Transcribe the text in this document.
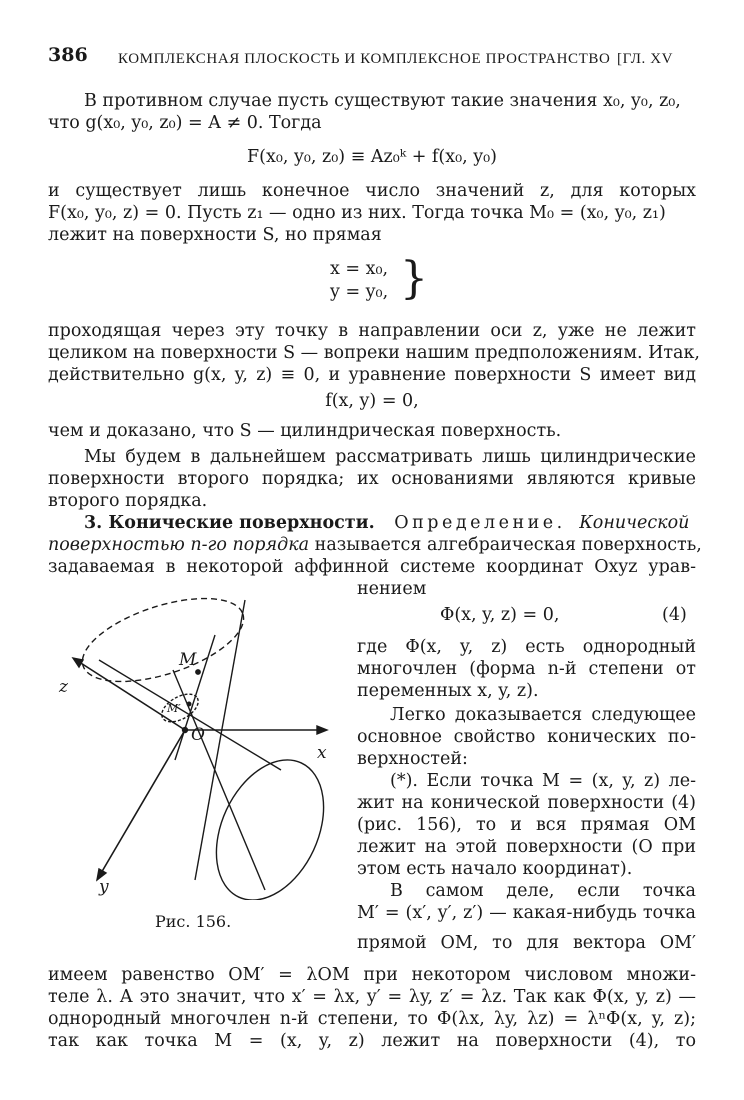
386 КОМПЛЕКСНАЯ ПЛОСКОСТЬ И КОМПЛЕКСНОЕ ПРОСТРАНСТВО [ГЛ. XV
В противном случае пусть существуют такие значения x₀, y₀, z₀,
что g(x₀, y₀, z₀) = A ≠ 0. Тогда
F(x₀, y₀, z₀) ≡ Az₀ᵏ + f(x₀, y₀)
и существует лишь конечное число значений z, для которых
F(x₀, y₀, z) = 0. Пусть z₁ — одно из них. Тогда точка M₀ = (x₀, y₀, z₁)
лежит на поверхности S, но прямая
x = x₀,
y = y₀, }
проходящая через эту точку в направлении оси z, уже не лежит
целиком на поверхности S — вопреки нашим предположениям. Итак,
действительно g(x, y, z) ≡ 0, и уравнение поверхности S имеет вид
f(x, y) = 0,
чем и доказано, что S — цилиндрическая поверхность.
Мы будем в дальнейшем рассматривать лишь цилиндрические
поверхности второго порядка; их основаниями являются кривые
второго порядка.
3. Конические поверхности. Определение. Конической
поверхностью n-го порядка называется алгебраическая поверхность,
задаваемая в некоторой аффинной системе координат Oxyz урав-
нением
Φ(x, y, z) = 0,	(4)
где Φ(x, y, z) есть однородный
многочлен (форма n-й степени от
переменных x, y, z).
Легко доказывается следующее
основное свойство конических по-
верхностей:
(*). Если точка M = (x, y, z) ле-
жит на конической поверхности (4)
(рис. 156), то и вся прямая OM
лежит на этой поверхности (O при
этом есть начало координат).
В самом деле, если точка
M′ = (x′, y′, z′) — какая-нибудь точка
прямой OM, то для вектора OM′
z
x
y
M
M′
O
Рис. 156.
имеем равенство OM′ = λOM при некотором числовом множи-
теле λ. А это значит, что x′ = λx, y′ = λy, z′ = λz. Так как Φ(x, y, z) —
однородный многочлен n-й степени, то Φ(λx, λy, λz) = λⁿΦ(x, y, z);
так как точка M = (x, y, z) лежит на поверхности (4), то
